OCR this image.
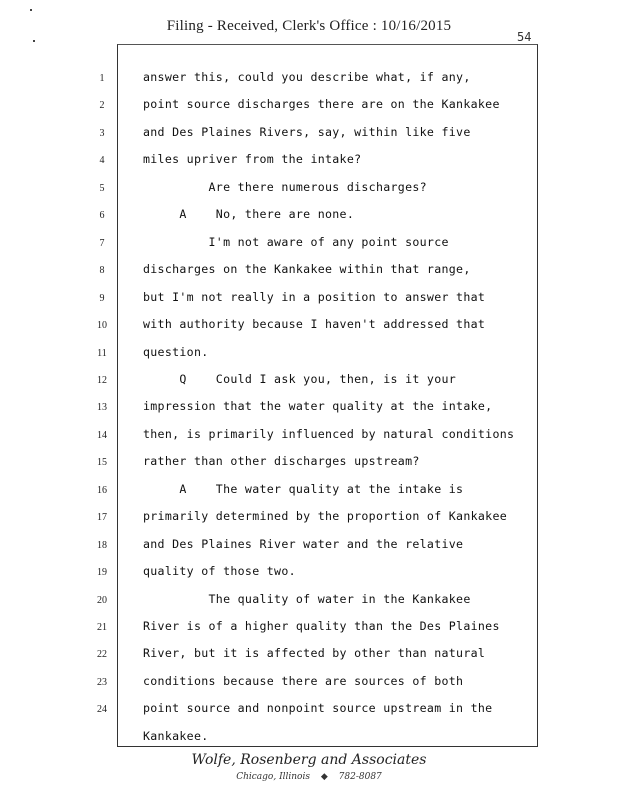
Filing - Received, Clerk's Office : 10/16/2015
54
1
2
3
4
5
6
7
8
9
10
11
12
13
14
15
16
17
18
19
20
21
22
23
24
answer this, could you describe what, if any,
point source discharges there are on the Kankakee
and Des Plaines Rivers, say, within like five
miles upriver from the intake?
Are there numerous discharges?
A    No, there are none.
I'm not aware of any point source
discharges on the Kankakee within that range,
but I'm not really in a position to answer that
with authority because I haven't addressed that
question.
Q    Could I ask you, then, is it your
impression that the water quality at the intake,
then, is primarily influenced by natural conditions
rather than other discharges upstream?
A    The water quality at the intake is
primarily determined by the proportion of Kankakee
and Des Plaines River water and the relative
quality of those two.
The quality of water in the Kankakee
River is of a higher quality than the Des Plaines
River, but it is affected by other than natural
conditions because there are sources of both
point source and nonpoint source upstream in the
Kankakee.
Wolfe, Rosenberg and Associates
Chicago, Illinois ◆ 782-8087
